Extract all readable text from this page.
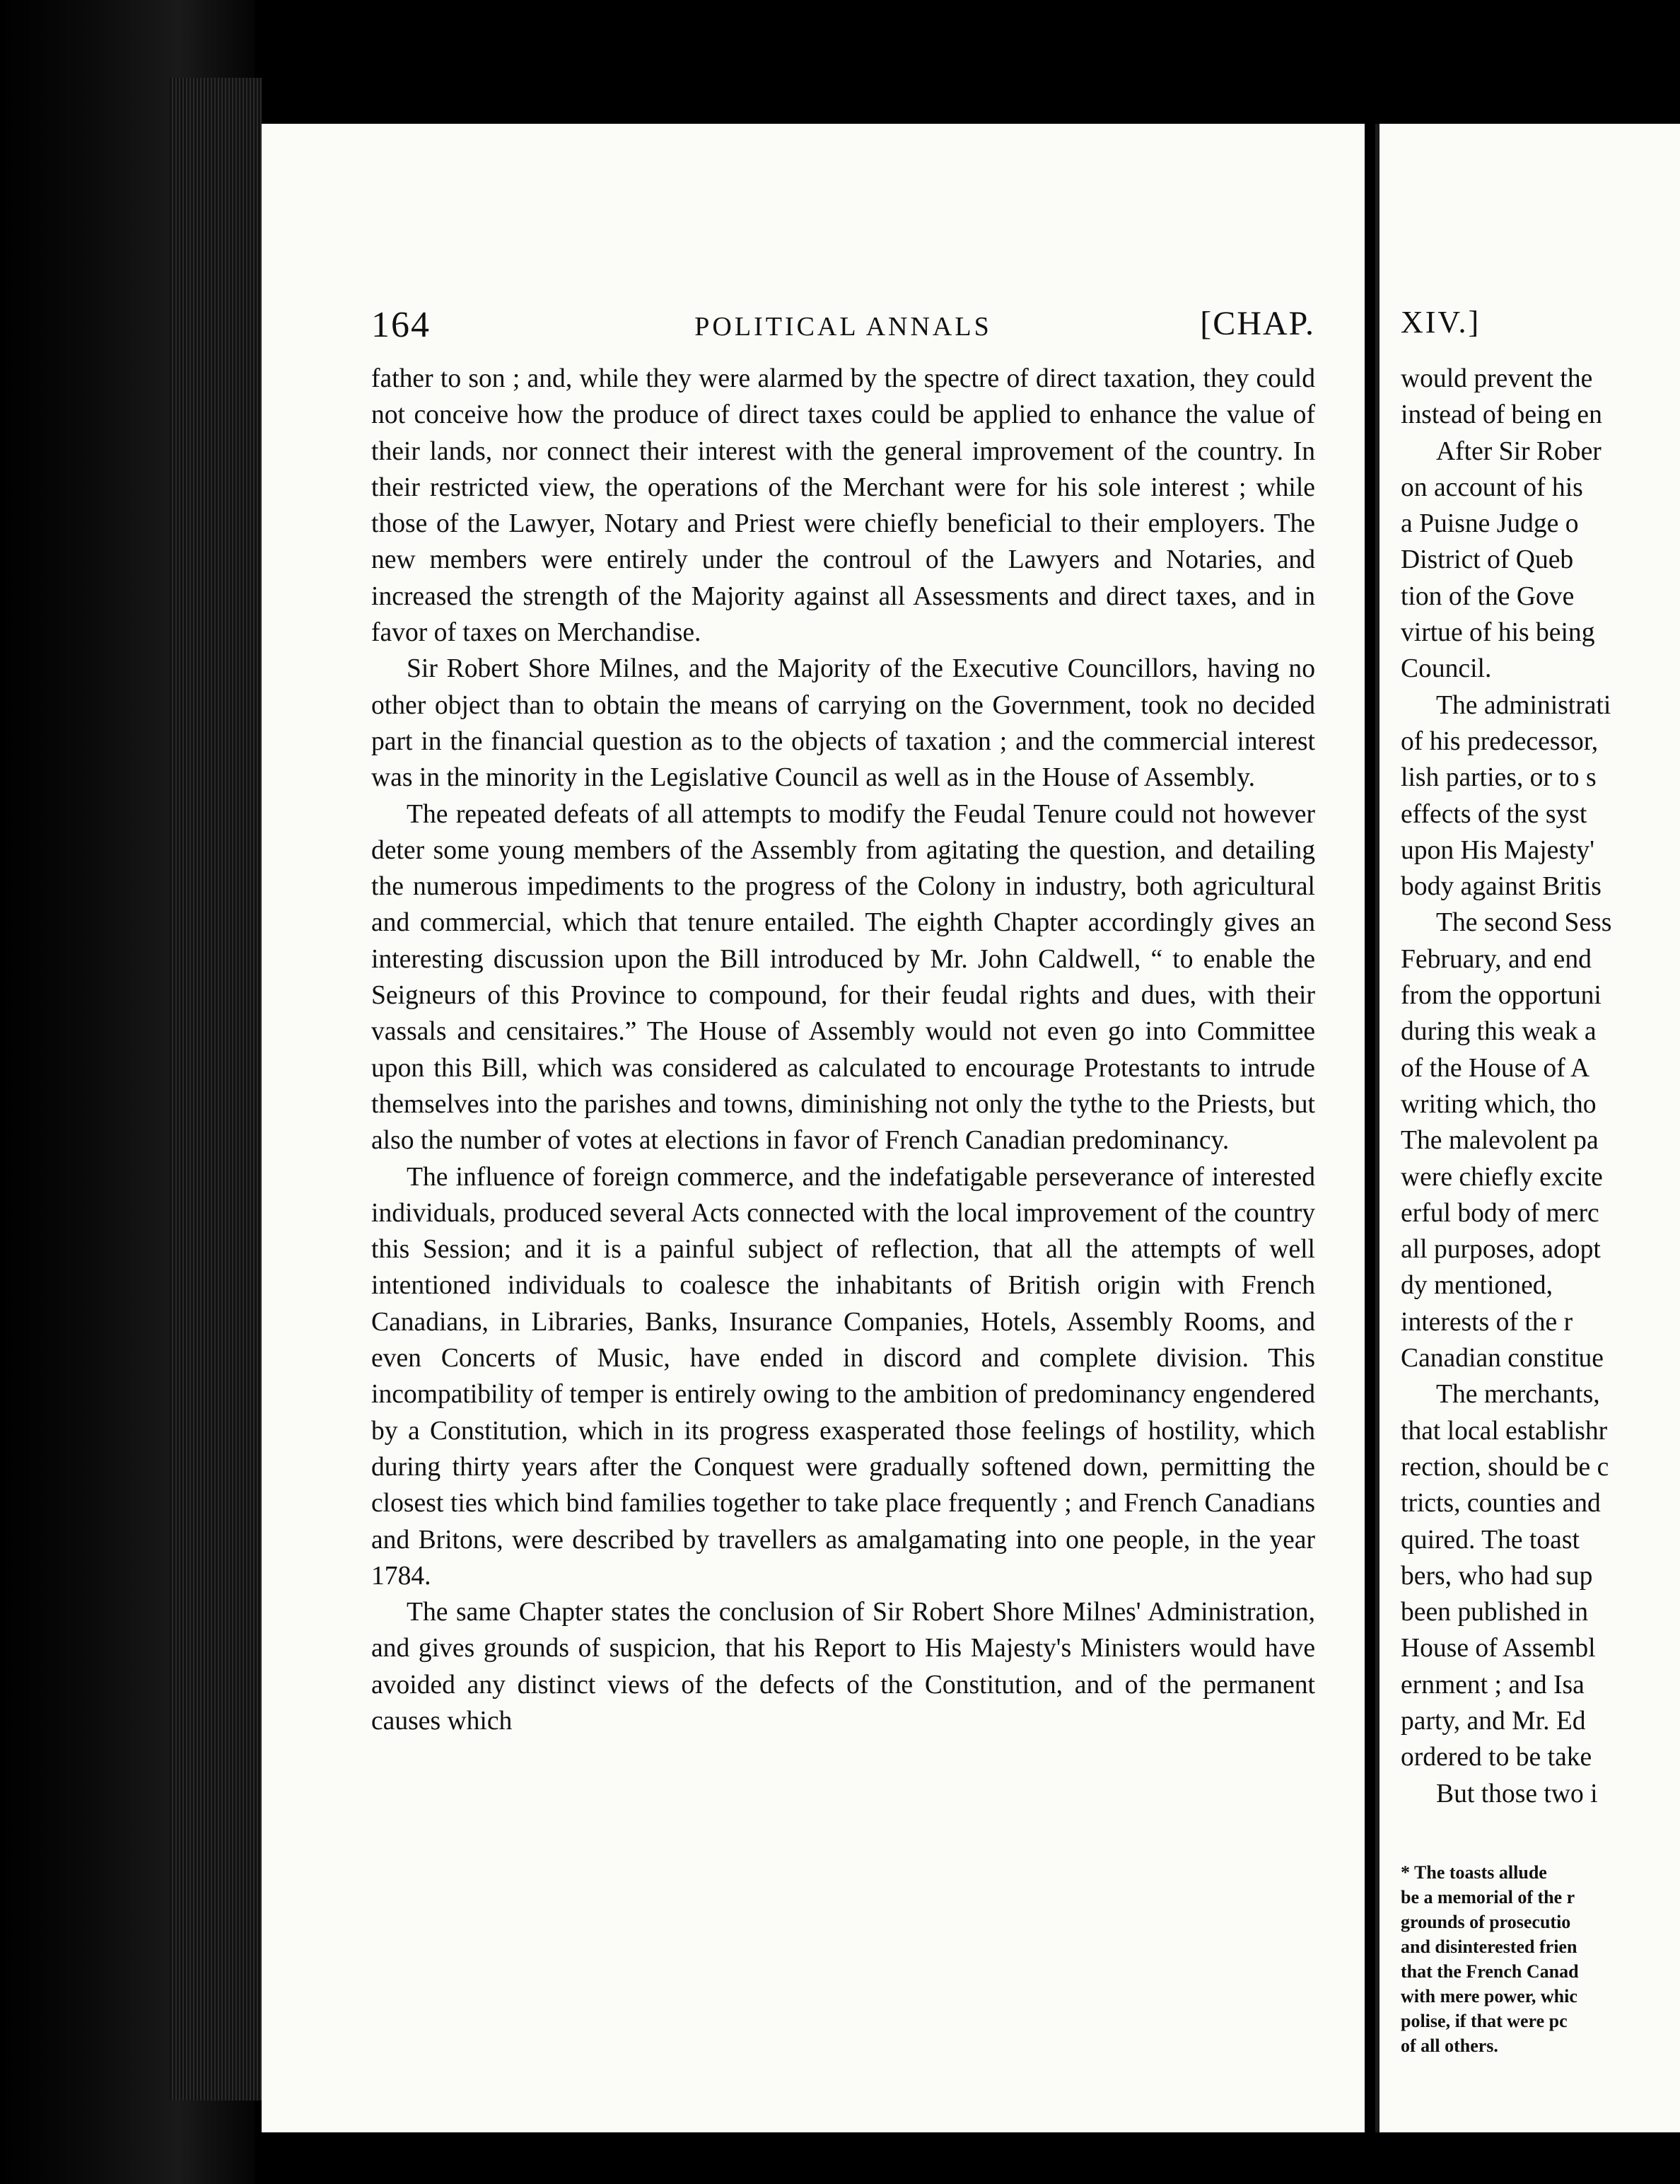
164	POLITICAL ANNALS	[CHAP.

father to son ; and, while they were alarmed by the spectre of direct taxation, they could not conceive how the produce of direct taxes could be applied to enhance the value of their lands, nor connect their interest with the general improvement of the country. In their restricted view, the operations of the Merchant were for his sole interest ; while those of the Lawyer, Notary and Priest were chiefly beneficial to their employers. The new members were entirely under the controul of the Lawyers and Notaries, and increased the strength of the Majority against all Assessments and direct taxes, and in favor of taxes on Merchandise.

Sir Robert Shore Milnes, and the Majority of the Executive Councillors, having no other object than to obtain the means of carrying on the Government, took no decided part in the financial question as to the objects of taxation ; and the commercial interest was in the minority in the Legislative Council as well as in the House of Assembly.

The repeated defeats of all attempts to modify the Feudal Tenure could not however deter some young members of the Assembly from agitating the question, and detailing the numerous impediments to the progress of the Colony in industry, both agricultural and commercial, which that tenure entailed. The eighth Chapter accordingly gives an interesting discussion upon the Bill introduced by Mr. John Caldwell, “ to enable the Seigneurs of this Province to compound, for their feudal rights and dues, with their vassals and censitaires.” The House of Assembly would not even go into Committee upon this Bill, which was considered as calculated to encourage Protestants to intrude themselves into the parishes and towns, diminishing not only the tythe to the Priests, but also the number of votes at elections in favor of French Canadian predominancy.

The influence of foreign commerce, and the indefatigable perseverance of interested individuals, produced several Acts connected with the local improvement of the country this Session; and it is a painful subject of reflection, that all the attempts of well intentioned individuals to coalesce the inhabitants of British origin with French Canadians, in Libraries, Banks, Insurance Companies, Hotels, Assembly Rooms, and even Concerts of Music, have ended in discord and complete division. This incompatibility of temper is entirely owing to the ambition of predominancy engendered by a Constitution, which in its progress exasperated those feelings of hostility, which during thirty years after the Conquest were gradually softened down, permitting the closest ties which bind families together to take place frequently ; and French Canadians and Britons, were described by travellers as amalgamating into one people, in the year 1784.

The same Chapter states the conclusion of Sir Robert Shore Milnes' Administration, and gives grounds of suspicion, that his Report to His Majesty's Ministers would have avoided any distinct views of the defects of the Constitution, and of the permanent causes which

XIV.]
would prevent the
instead of being en
After Sir Rober
on account of his
a Puisne Judge o
District of Queb
tion of the Gove
virtue of his being
Council.
The administrati
of his predecessor,
lish parties, or to s
effects of the syst
upon His Majesty'
body against Britis
The second Sess
February, and end
from the opportuni
during this weak a
of the House of A
writing which, tho
The malevolent pa
were chiefly excite
erful body of merc
all purposes, adopt
dy mentioned,
interests of the r
Canadian constitue
The merchants,
that local establishr
rection, should be c
tricts, counties and
quired. The toast
bers, who had sup
been published in
House of Assembl
ernment ; and Isa
party, and Mr. Ed
ordered to be take
But those two i
* The toasts allude
be a memorial of the r
grounds of prosecutio
and disinterested frien
that the French Canad
with mere power, whic
polise, if that were pc
of all others.
